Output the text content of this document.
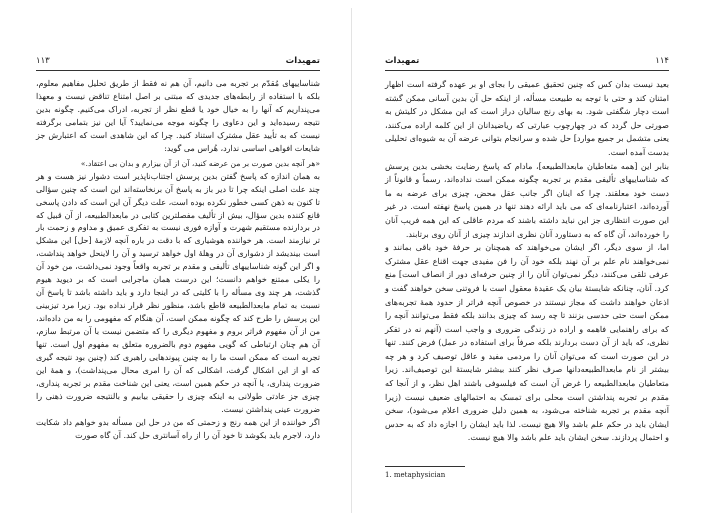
۱۱۳	تمهیدات

شناساییهای مُقدّم بر تجربه می دانیم، آن هم نه فقط از طریق تحلیل مفاهیم معلوم، بلکه با استفاده از رابطه‌های جدیدی که مبتنی بر اصل امتناع تناقض نیست و معهذا می‌پنداریم که آنها را به خیال خود یا قطع نظر از تجربه، ادراک می‌کنیم. چگونه بدین نتیجه رسیده‌اید و این دعاوی را چگونه موجه می‌نمایید؟ آیا این نیز بتمامی برگرفته نیست که به تأیید عقل مشترک استناد کنید. چرا که این شاهدی است که اعتبارش جز شایعات افواهی اساسی ندارد، هُراس می گوید:

«هر آنچه بدین صورت بر من عرضه کنید، آن از آن بیزارم و بدان بی اعتقاد.»

به همان اندازه که پاسخ گفتن بدین پرسش اجتناب‌ناپذیر است دشوار نیز هست و هر چند علت اصلی اینکه چرا تا دیر باز به پاسخ آن برنخاسته‌اند این است که چنین سؤالی تا کنون به ذهن کسی خطور نکرده بوده است، علت دیگر آن این است که دادن پاسخی قانع کننده بدین سؤال، بیش از تألیف مفصلترین کتابی در مابعدالطبیعه، از آن قبیل که در بردارنده مستقیم شهرت و آوازه فوری نیست به تفکری عمیق و مداوم و زحمت بار تر نیازمند است. هر خواننده هوشیاری که با دقت در باره آنچه لازمهٔ [حل] این مشکل است بیندیشد از دشواری آن در وهلهٔ اول خواهد ترسید و آن را لاینحل خواهد پنداشت، و اگر این گونه شناساییهای تألیفی و مقدم بر تجربه واقعاً وجود نمی‌داشت، من خود آن را یکلی ممتنع خواهم دانست؛ این درست همان ماجرایی است که بر دیوید هیوم گذشت، هر چند وی مسأله را با کلیتی که در اینجا دارد و باید داشته باشد تا پاسخ آن نسبت به تمام مابعدالطبیعه قاطع باشد، منظور نظر قرار نداده بود. زیرا مرد تیزبینی این پرسش را طرح کند که چگونه ممکن است، آن هنگام که مفهومی را به من داده‌اند، من از آن مفهوم فراتر بروم و مفهوم دیگری را که متضمن نیست با آن مرتبط سازم، آن هم چنان ارتباطی که گویی مفهوم دوم بالضروره متعلق به مفهوم اول است. تنها تجربه است که ممکن است ما را به چنین پیوندهایی راهبری کند (چنین بود نتیجه گیری که او از این اشکال گرفت، اشکالی که آن را امری محال می‌پنداشت)، و همهٔ این ضرورت پنداری، یا آنچه در حکم همین است، یعنی این شناخت مقدم بر تجربه پنداری، چیزی جز عادتی طولانی به اینکه چیزی را حقیقی بیابیم و بالنتیجه ضرورت ذهنی را ضرورت عینی پنداشتن نیست.

اگر خواننده از این همه رنج و زحمتی که من در حل این مسأله بدو خواهم داد شکایت دارد، لاجرم باید بکوشد تا خود آن را از راه آسانتری حل کند. آن گاه صورت

۱۱۴
تمهیدات

بعید نیست بدان کس که چنین تحقیق عمیقی را بجای او بر عهده گرفته است اظهار امتنان کند و حتی با توجه به طبیعت مسأله، از اینکه حل آن بدین آسانی ممکن گشته است دچار شگفتی شود. به بهای رنج سالیان دراز است که این مشکل در کلیتش به صورتی حل گردد که در چهارچوب عبارتی که ریاضیدانان از این کلمه اراده می‌کنند، یعنی متشمل بر جمیع موارد] حل شده و سرانجام بتوانی عرضه آن به شیوه‌ای تحلیلی بدست آمده است.

بنابر این [همه متعاطیان مابعدالطبیعه]، مادام که پاسخ رضایت بخشی بدین پرسش که شناساییهای تألیفی مقدم بر تجربه چگونه ممکن است نداده‌اند، رسماً و قانوناً از دست خود معلقند. چرا که اینان اگر جانب عقل محض، چیزی برای عرضه به ما آورده‌اند، اعتبارنامه‌ای که می باید ارائه دهند تنها در همین پاسخ نهفته است. در غیر این صورت انتظاری جز این نباید داشته باشند که مردم عاقلی که این همه فریب آنان را خورده‌اند، آن گاه که به دستاورد آنان نظری اندازند چیزی از آنان روی برتابند.

اما، از سوی دیگر، اگر ایشان می‌خواهند که همچنان بر حرفهٔ خود باقی بمانند و نمی‌خواهند نام علم بر آن نهند بلکه خود آن را فن مفیدی جهت اقناع عقل مشترک عرفی تلقی می‌کنند، دیگر نمی‌توان آنان را از چنین حرفه‌ای دور از انصاف است] منع کرد. آنان، چنانکه شایستهٔ بیان یک عقیدهٔ معقول است با فروتنی سخن خواهند گفت و اذعان خواهند داشت که مجاز نیستند در خصوص آنچه فراتر از حدود همهٔ تجربه‌های ممکن است حتی حدسی بزنند تا چه رسد که چیزی بدانند بلکه فقط می‌توانند آنچه را که برای راهنمایی فاهمه و اراده در زندگی ضروری و واجب است (آنهم نه در تفکر نظری، که باید از آن دست بردارند بلکه صرفاً برای استفاده در عمل) فرض کنند. تنها در این صورت است که می‌توان آنان را مردمی مفید و عاقل توصیف کرد و هر چه بیشتر از نام مابعدالطبیعه‌دانها صرف نظر کنند بیشتر شایستهٔ این توصیف‌اند. زیرا متعاطیان مابعدالطبیعه را غرض آن است که فیلسوفی باشند اهل نظر، و از آنجا که مقدم بر تجربه پنداشتن است محلی برای تمسک به احتمالهای ضعیف نیست (زیرا آنچه مقدم بر تجربه شناخته می‌شود، به همین دلیل ضروری اعلام می‌شود)، سخن ایشان باید در حکم علم باشد والا هیچ نیست. لذا باید ایشان را اجازه داد که به حدس و احتمال پردازند. سخن ایشان باید علم باشد والا هیچ نیست.

1. metaphysician
